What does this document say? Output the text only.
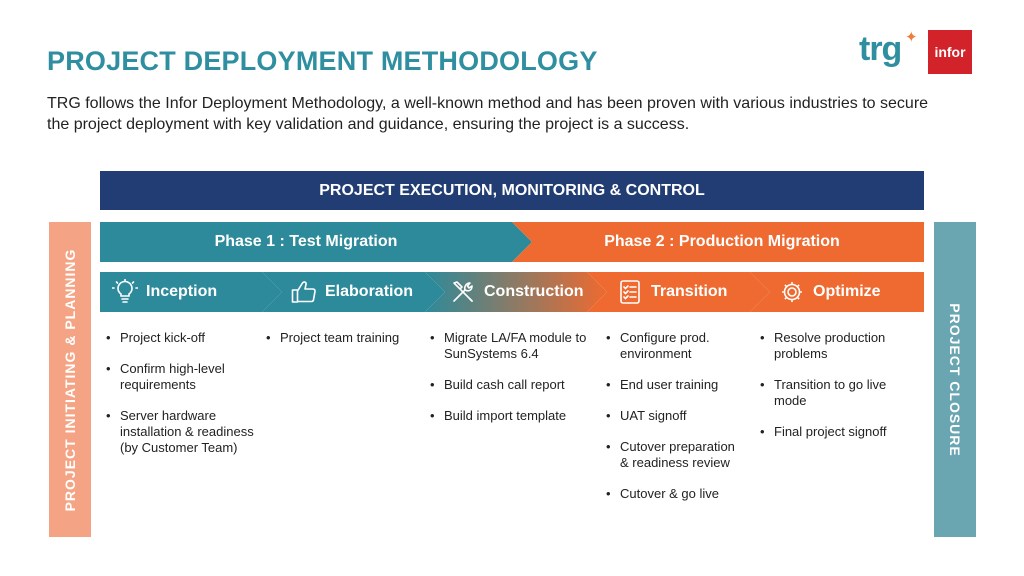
PROJECT DEPLOYMENT METHODOLOGY
TRG follows the Infor Deployment Methodology, a well-known method and has been proven with various industries to secure the project deployment with key validation and guidance, ensuring the project is a success.
trg ✦
infor
PROJECT EXECUTION, MONITORING & CONTROL
PROJECT INITIATING & PLANNING	PROJECT CLOSURE
Phase 1 : Test Migration	Phase 2 : Production Migration
Inception	Elaboration	Construction	Transition	Optimize
• Project kick-off
• Confirm high-level requirements
• Server hardware installation & readiness (by Customer Team)
• Project team training
•	Migrate LA/FA module to SunSystems 6.4
• Build cash call report
• Build import template
• Configure prod. environment
• End user training
• UAT signoff
• Cutover preparation & readiness review
• Cutover & go live
• Resolve production problems
• Transition to go live mode
• Final project signoff
